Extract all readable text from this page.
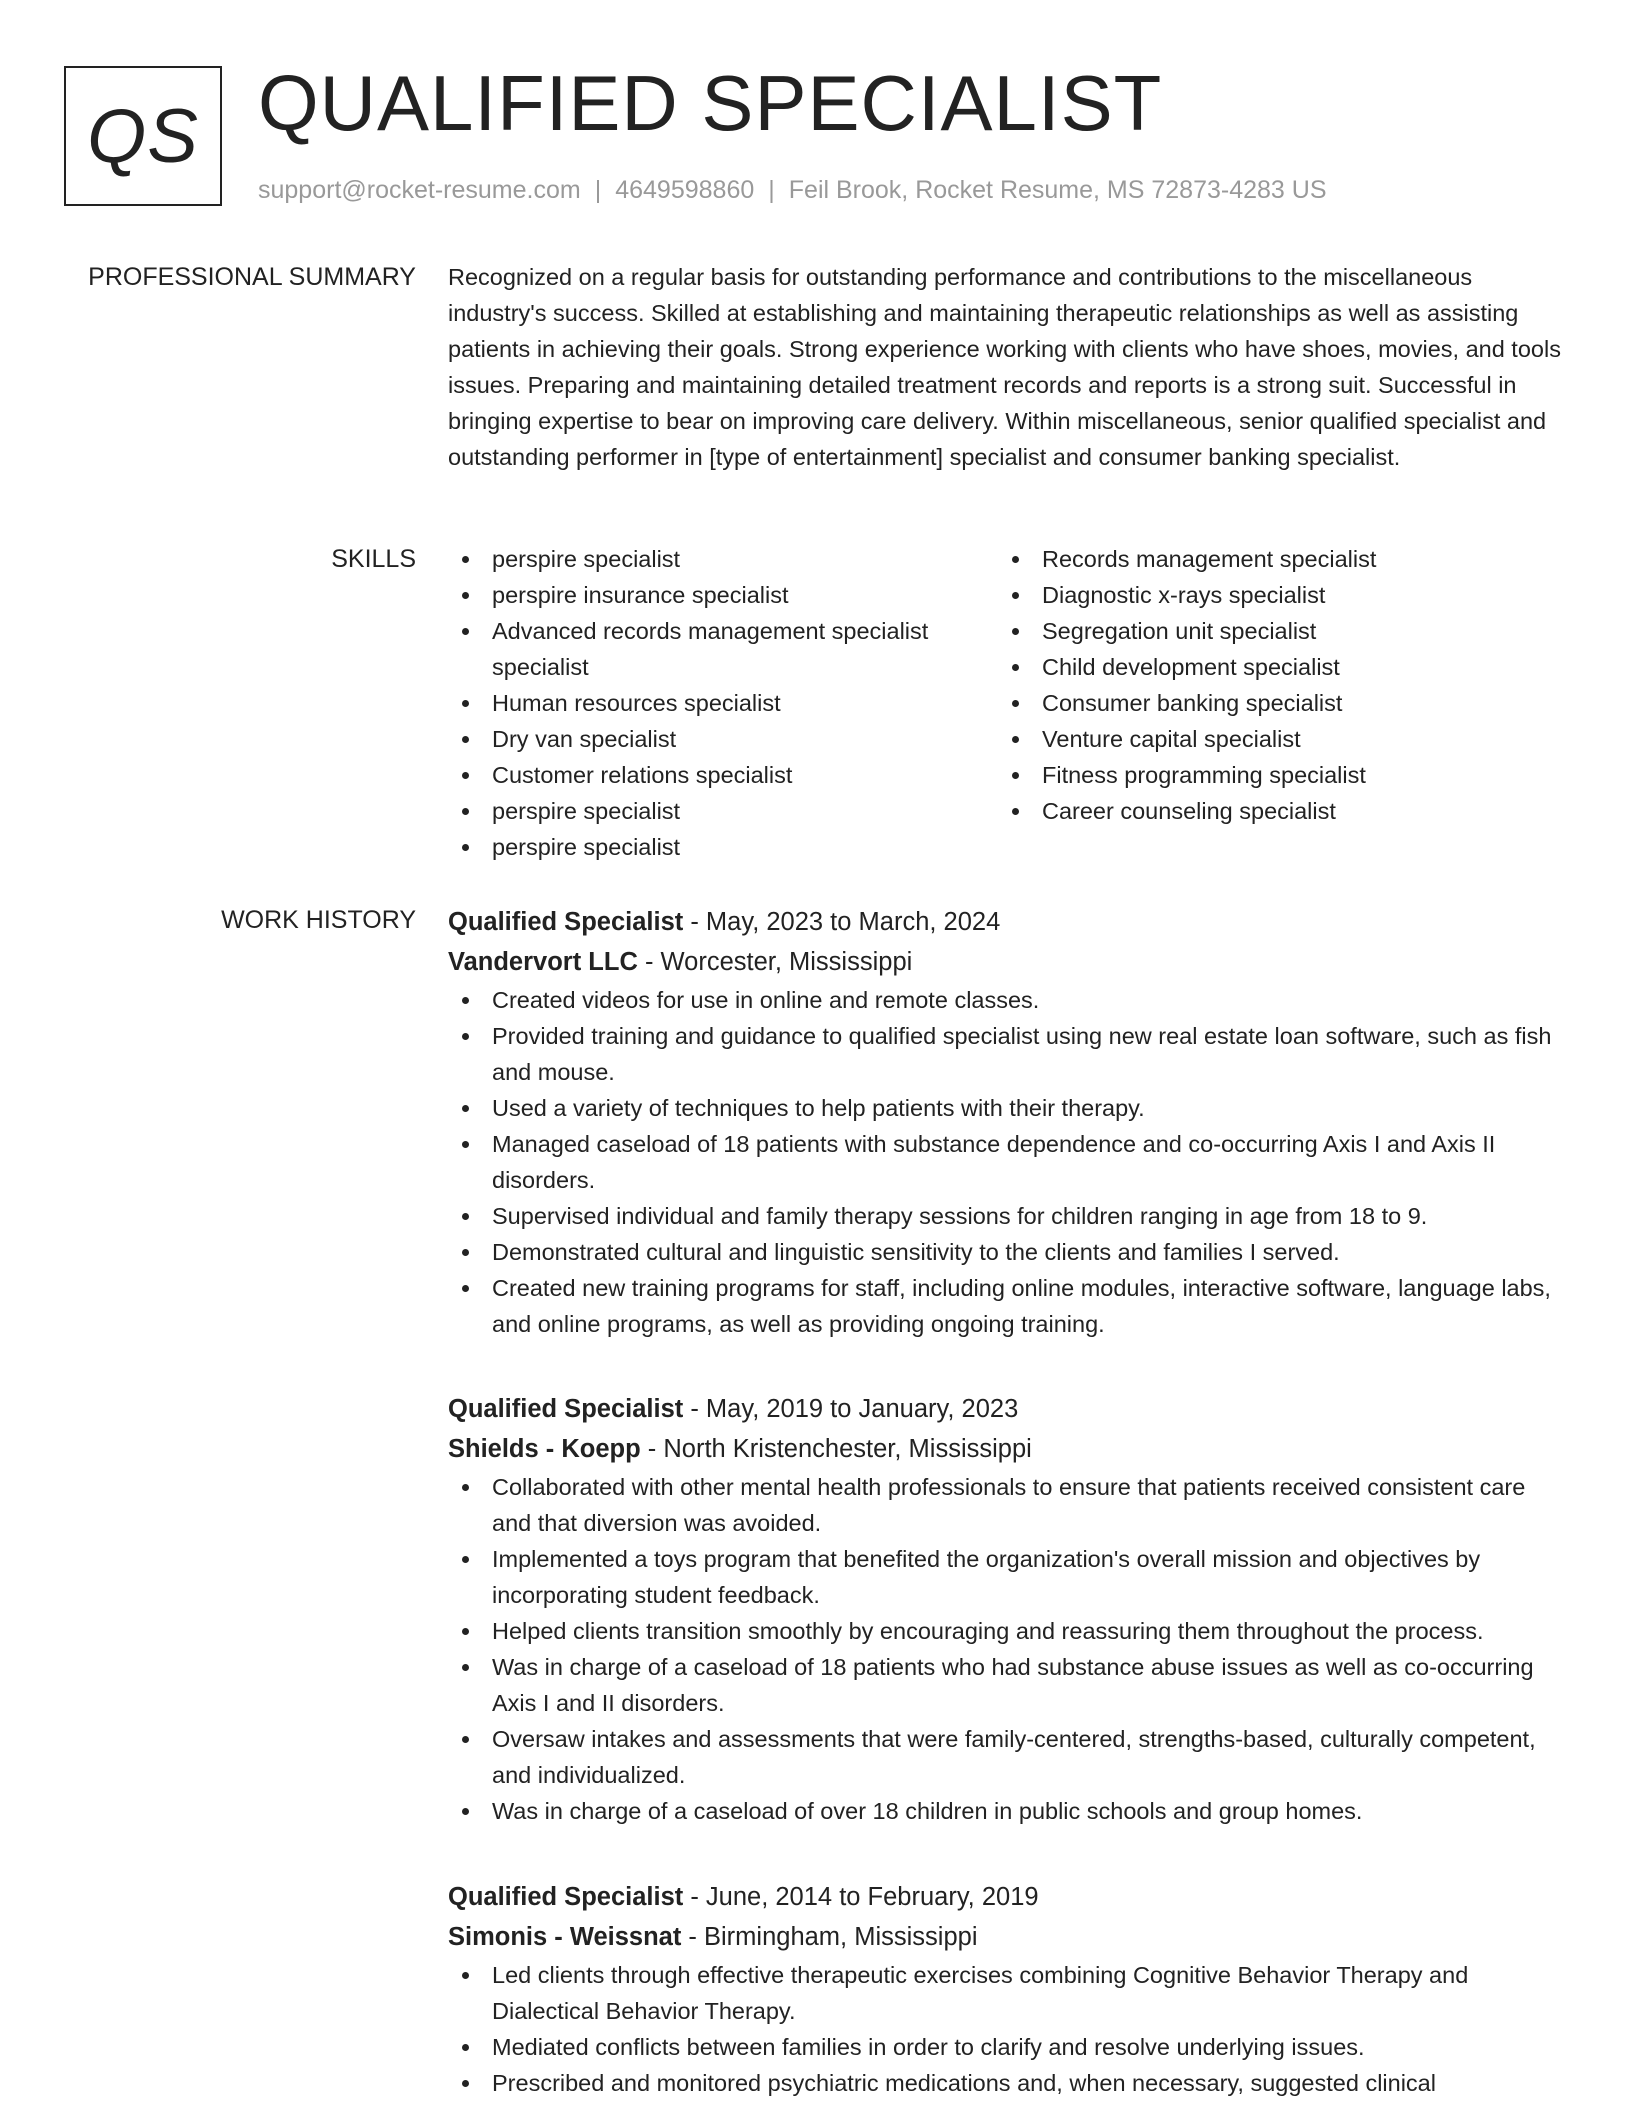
QS QUALIFIED SPECIALIST
support@rocket-resume.com | 4649598860 | Feil Brook, Rocket Resume, MS 72873-4283 US
PROFESSIONAL SUMMARY Recognized on a regular basis for outstanding performance and contributions to the miscellaneous industry's success. Skilled at establishing and maintaining therapeutic relationships as well as assisting patients in achieving their goals. Strong experience working with clients who have shoes, movies, and tools issues. Preparing and maintaining detailed treatment records and reports is a strong suit. Successful in bringing expertise to bear on improving care delivery. Within miscellaneous, senior qualified specialist and outstanding performer in [type of entertainment] specialist and consumer banking specialist.

SKILLS	perspire specialist
perspire insurance specialist
Advanced records management specialist specialist
Human resources specialist
Dry van specialist
Customer relations specialist
perspire specialist
perspire specialist
Records management specialist
Diagnostic x-rays specialist
Segregation unit specialist
Child development specialist
Consumer banking specialist
Venture capital specialist
Fitness programming specialist
Career counseling specialist
WORK HISTORY Qualified Specialist - May, 2023 to March, 2024
Vandervort LLC - Worcester, Mississippi
Created videos for use in online and remote classes.
Provided training and guidance to qualified specialist using new real estate loan software, such as fish and mouse.
Used a variety of techniques to help patients with their therapy.
Managed caseload of 18 patients with substance dependence and co-occurring Axis I and Axis II disorders.
Supervised individual and family therapy sessions for children ranging in age from 18 to 9.
Demonstrated cultural and linguistic sensitivity to the clients and families I served.
Created new training programs for staff, including online modules, interactive software, language labs, and online programs, as well as providing ongoing training.
Qualified Specialist - May, 2019 to January, 2023
Shields - Koepp - North Kristenchester, Mississippi
Collaborated with other mental health professionals to ensure that patients received consistent care and that diversion was avoided.
Implemented a toys program that benefited the organization's overall mission and objectives by incorporating student feedback.
Helped clients transition smoothly by encouraging and reassuring them throughout the process.
Was in charge of a caseload of 18 patients who had substance abuse issues as well as co-occurring Axis I and II disorders.
Oversaw intakes and assessments that were family-centered, strengths-based, culturally competent, and individualized.
Was in charge of a caseload of over 18 children in public schools and group homes.
Qualified Specialist - June, 2014 to February, 2019
Simonis - Weissnat - Birmingham, Mississippi
Led clients through effective therapeutic exercises combining Cognitive Behavior Therapy and Dialectical Behavior Therapy.
Mediated conflicts between families in order to clarify and resolve underlying issues.
Prescribed and monitored psychiatric medications and, when necessary, suggested clinical
